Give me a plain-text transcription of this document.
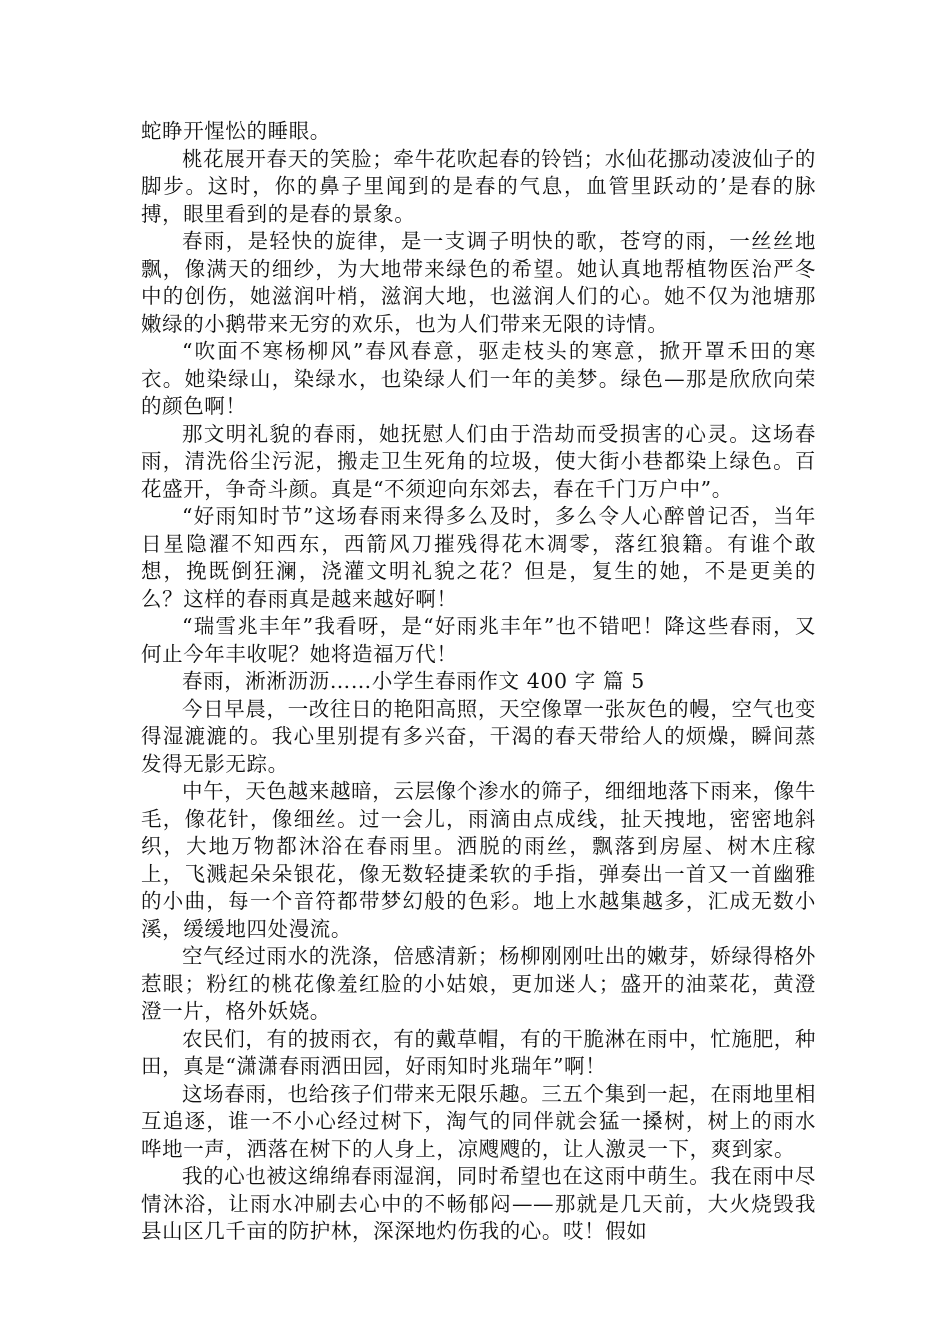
蛇睁开惺忪的睡眼。

桃花展开春天的笑脸；牵牛花吹起春的铃铛；水仙花挪动凌波仙子的脚步。这时，你的鼻子里闻到的是春的气息，血管里跃动的’是春的脉搏，眼里看到的是春的景象。

春雨，是轻快的旋律，是一支调子明快的歌，苍穹的雨，一丝丝地飘，像满天的细纱，为大地带来绿色的希望。她认真地帮植物医治严冬中的创伤，她滋润叶梢，滋润大地，也滋润人们的心。她不仅为池塘那嫩绿的小鹅带来无穷的欢乐，也为人们带来无限的诗情。

“吹面不寒杨柳风”春风春意，驱走枝头的寒意，掀开罩禾田的寒衣。她染绿山，染绿水，也染绿人们一年的美梦。绿色—那是欣欣向荣的颜色啊！

那文明礼貌的春雨，她抚慰人们由于浩劫而受损害的心灵。这场春雨，清洗俗尘污泥，搬走卫生死角的垃圾，使大街小巷都染上绿色。百花盛开，争奇斗颜。真是“不须迎向东郊去，春在千门万户中”。

“好雨知时节”这场春雨来得多么及时，多么令人心醉曾记否，当年日星隐濯不知西东，西箭风刀摧残得花木凋零，落红狼籍。有谁个敢想，挽既倒狂澜，浇灌文明礼貌之花？但是，复生的她，不是更美的么？这样的春雨真是越来越好啊！

“瑞雪兆丰年”我看呀，是“好雨兆丰年”也不错吧！降这些春雨，又何止今年丰收呢？她将造福万代！

春雨，淅淅沥沥……小学生春雨作文 400 字 篇 5

今日早晨，一改往日的艳阳高照，天空像罩一张灰色的幔，空气也变得湿漉漉的。我心里别提有多兴奋，干渴的春天带给人的烦燥，瞬间蒸发得无影无踪。

中午，天色越来越暗，云层像个渗水的筛子，细细地落下雨来，像牛毛，像花针，像细丝。过一会儿，雨滴由点成线，扯天拽地，密密地斜织，大地万物都沐浴在春雨里。洒脱的雨丝，飘落到房屋、树木庄稼上，飞溅起朵朵银花，像无数轻捷柔软的手指，弹奏出一首又一首幽雅的小曲，每一个音符都带梦幻般的色彩。地上水越集越多，汇成无数小溪，缓缓地四处漫流。

空气经过雨水的洗涤，倍感清新；杨柳刚刚吐出的嫩芽，娇绿得格外惹眼；粉红的桃花像羞红脸的小姑娘，更加迷人；盛开的油菜花，黄澄澄一片，格外妖娆。

农民们，有的披雨衣，有的戴草帽，有的干脆淋在雨中，忙施肥，种田，真是“潇潇春雨洒田园，好雨知时兆瑞年”啊！

这场春雨，也给孩子们带来无限乐趣。三五个集到一起，在雨地里相互追逐，谁一不小心经过树下，淘气的同伴就会猛一搡树，树上的雨水哗地一声，洒落在树下的人身上，凉飕飕的，让人激灵一下，爽到家。

我的心也被这绵绵春雨湿润，同时希望也在这雨中萌生。我在雨中尽情沐浴，让雨水冲刷去心中的不畅郁闷——那就是几天前，大火烧毁我县山区几千亩的防护林，深深地灼伤我的心。哎！假如
